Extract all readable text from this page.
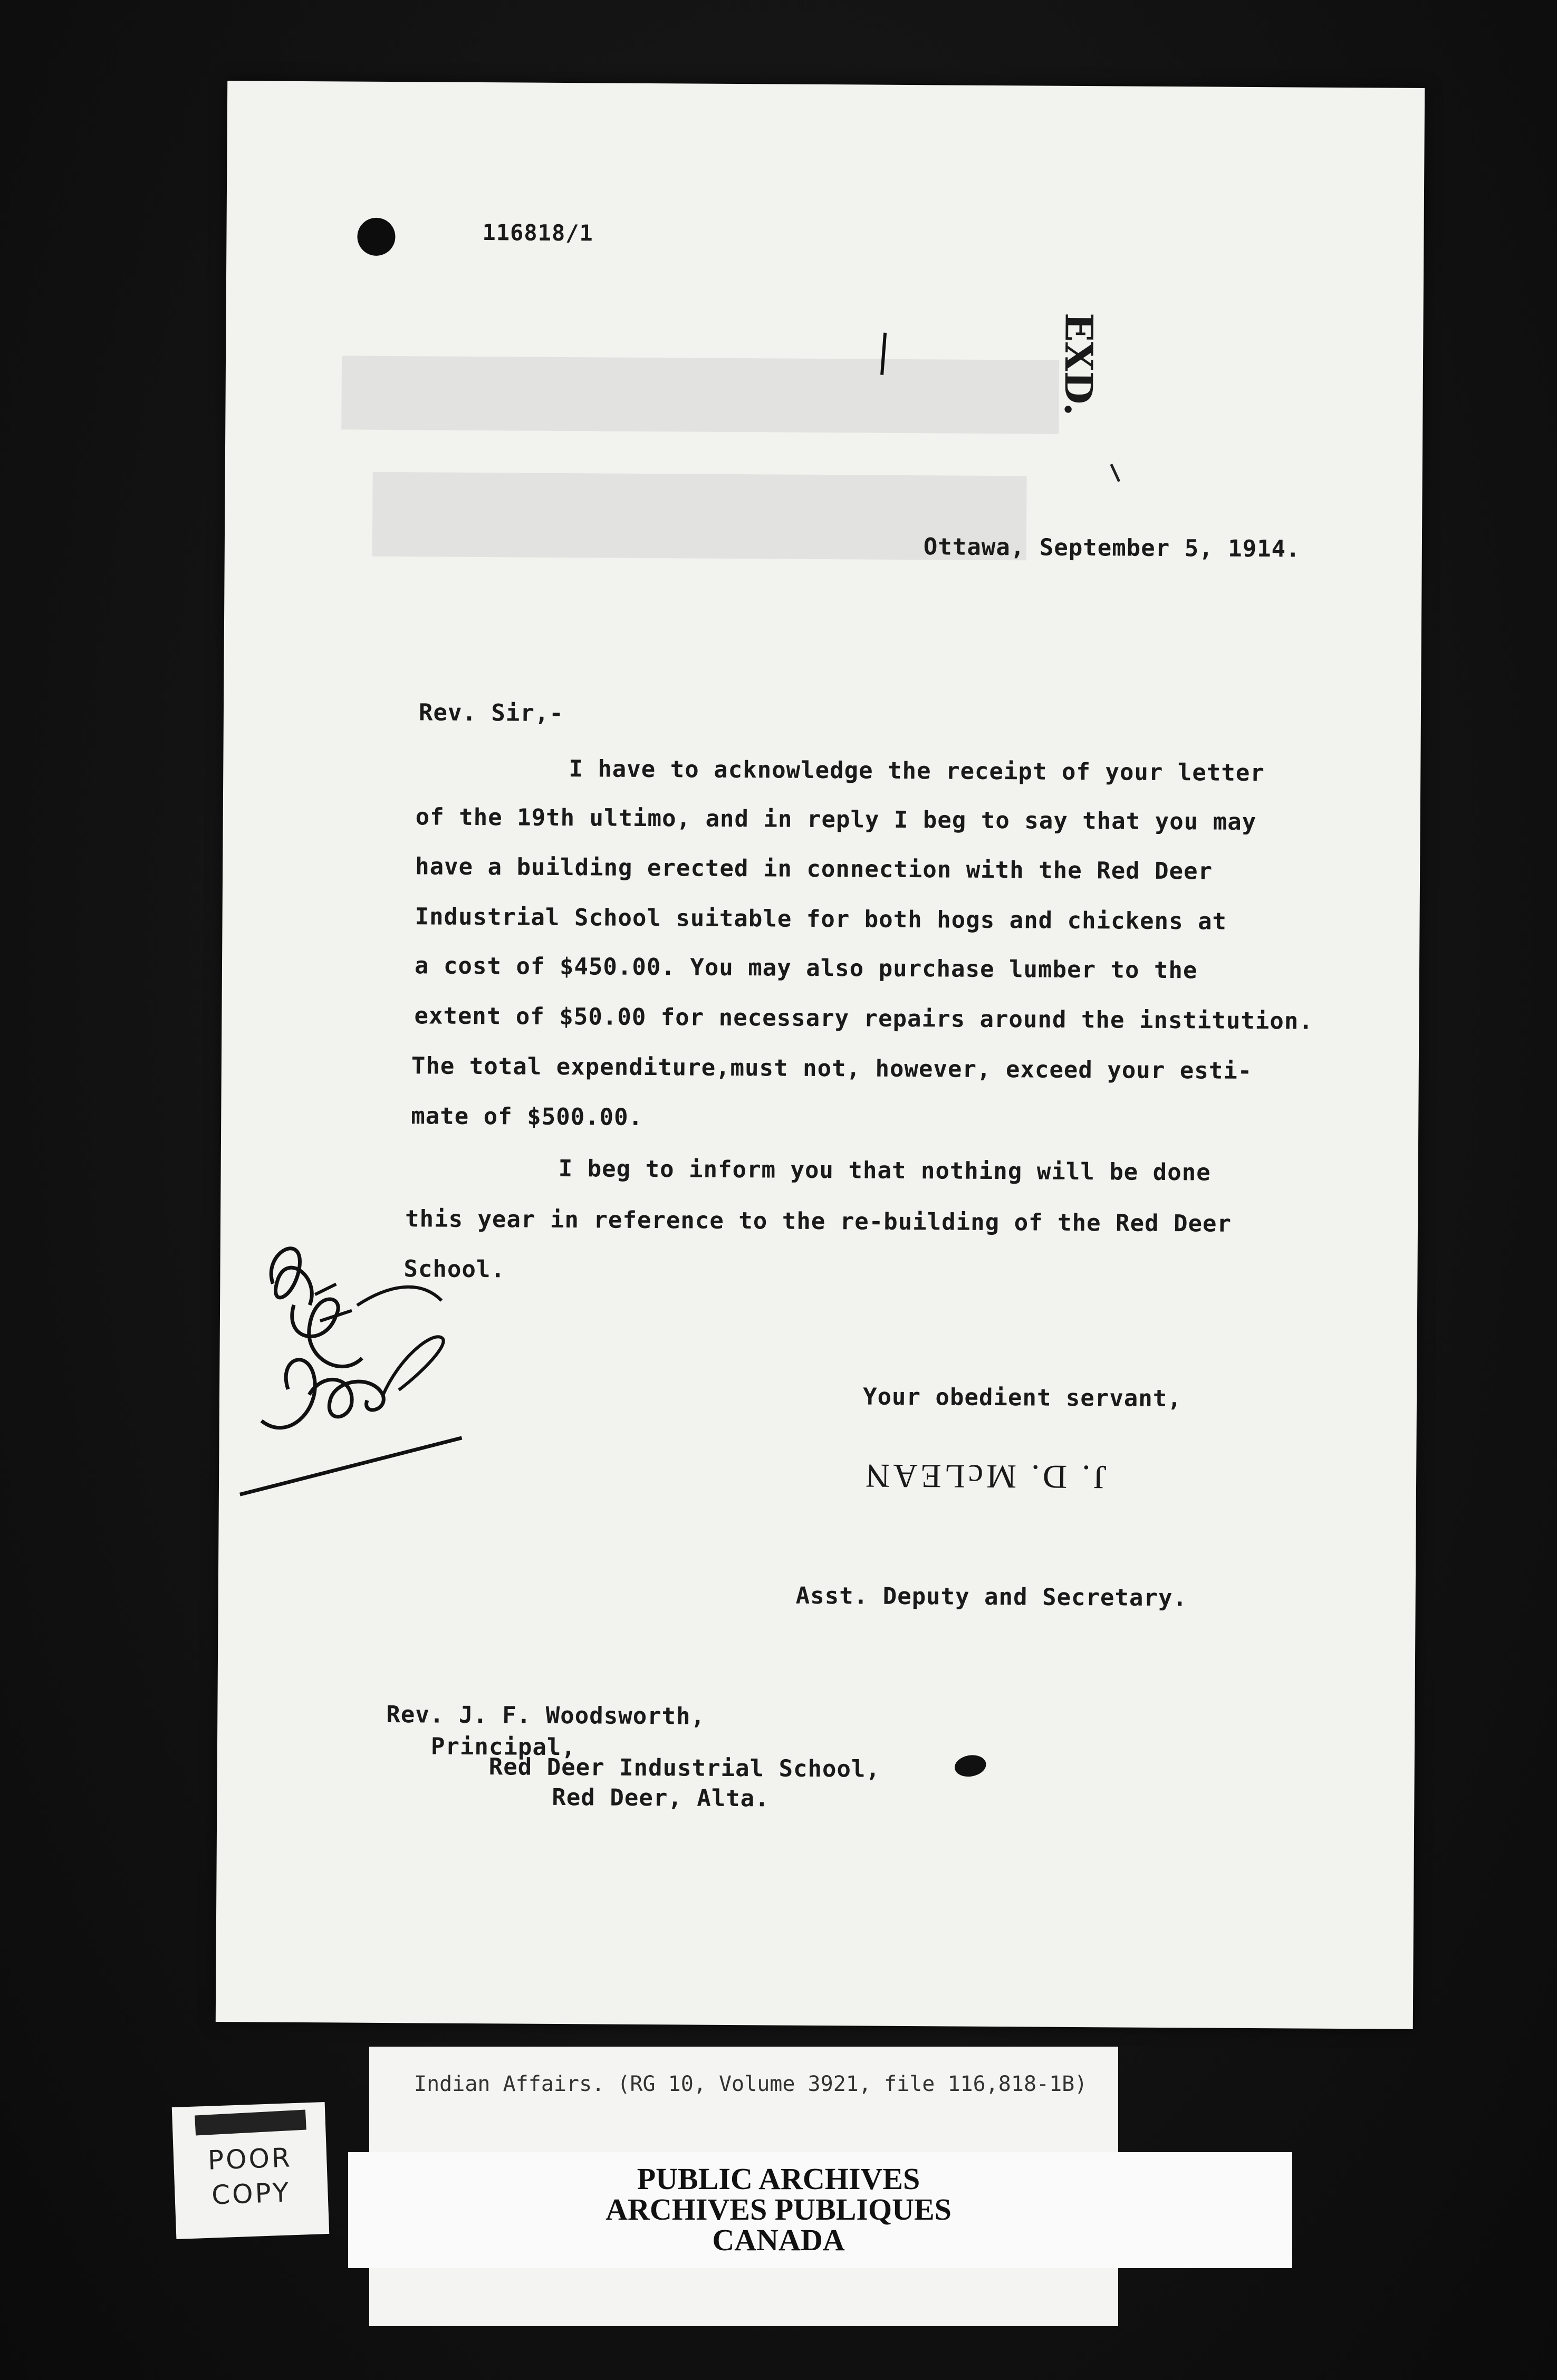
116818/1
EXD.
Ottawa, September 5, 1914.
Rev. Sir,-
I have to acknowledge the receipt of your letter
of the 19th ultimo, and in reply I beg to say that you may
have a building erected in connection with the Red Deer
Industrial School suitable for both hogs and chickens at
a cost of $450.00. You may also purchase lumber to the
extent of $50.00 for necessary repairs around the institution.
The total expenditure,must not, however, exceed your esti-
mate of $500.00.
I beg to inform you that nothing will be done
this year in reference to the re-building of the Red Deer
School.
Your obedient servant,
J. D. McLEAN
Asst. Deputy and Secretary.
Rev. J. F. Woodsworth,
Principal,
Red Deer Industrial School,
Red Deer, Alta.
Indian Affairs. (RG 10, Volume 3921, file 116,818-1B)
PUBLIC ARCHIVES
ARCHIVES PUBLIQUES
CANADA
POOR
COPY
